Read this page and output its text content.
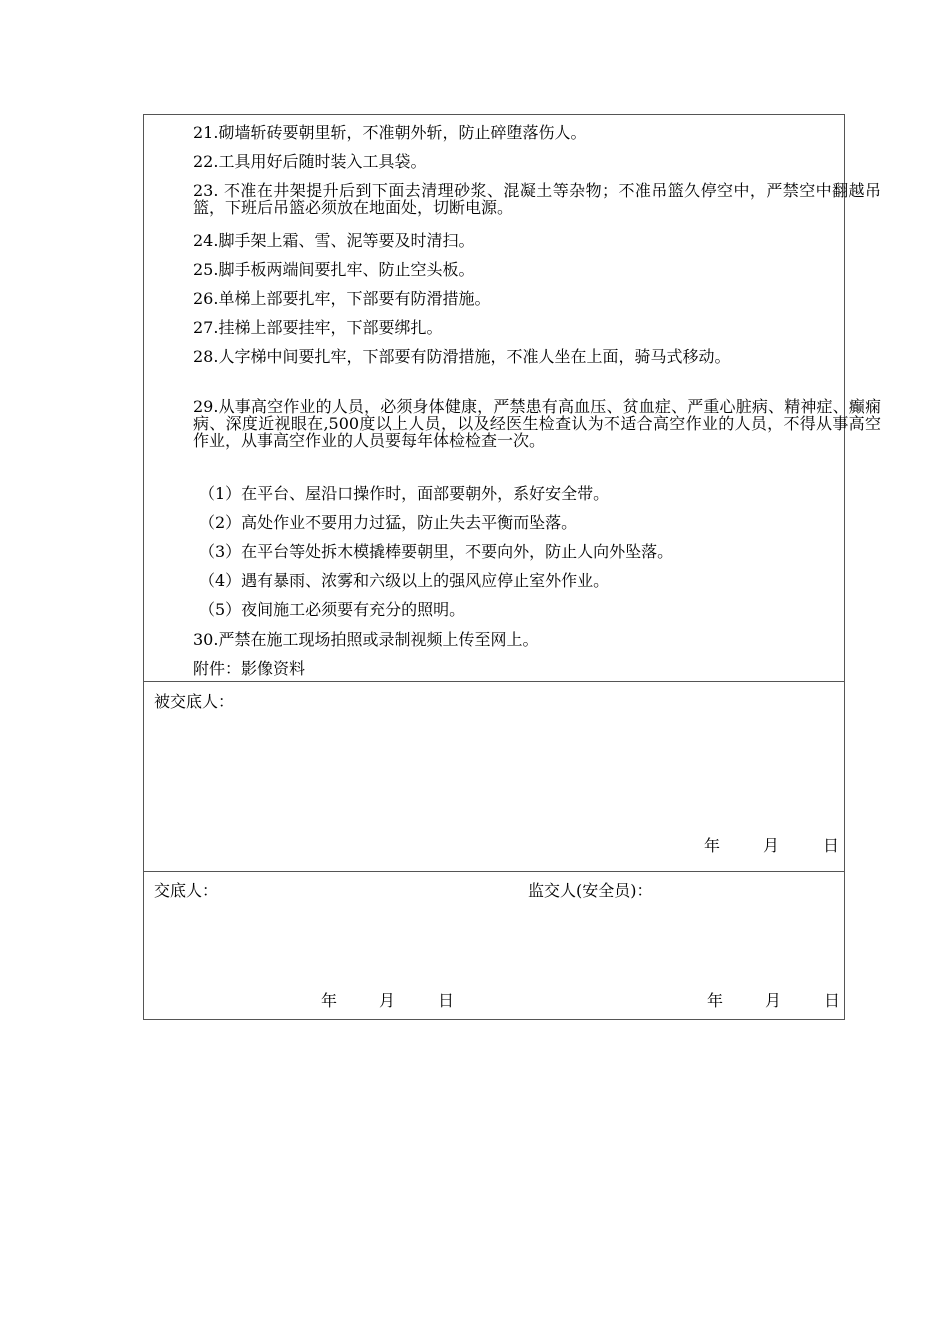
21.砌墙斩砖要朝里斩，不准朝外斩，防止碎堕落伤人。
22.工具用好后随时装入工具袋。
23. 不准在井架提升后到下面去清理砂浆、混凝土等杂物；不准吊篮久停空中，严禁空中翻越吊篮，下班后吊篮必须放在地面处，切断电源。
24.脚手架上霜、雪、泥等要及时清扫。
25.脚手板两端间要扎牢、防止空头板。
26.单梯上部要扎牢，下部要有防滑措施。
27.挂梯上部要挂牢，下部要绑扎。
28.人字梯中间要扎牢，下部要有防滑措施，不准人坐在上面，骑马式移动。
29.从事高空作业的人员，必须身体健康，严禁患有高血压、贫血症、严重心脏病、精神症、癫痫病、深度近视眼在,500度以上人员，以及经医生检查认为不适合高空作业的人员，不得从事高空作业，从事高空作业的人员要每年体检检查一次。
（1）在平台、屋沿口操作时，面部要朝外，系好安全带。
（2）高处作业不要用力过猛，防止失去平衡而坠落。
（3）在平台等处拆木模撬棒要朝里，不要向外，防止人向外坠落。
（4）遇有暴雨、浓雾和六级以上的强风应停止室外作业。
（5）夜间施工必须要有充分的照明。
30.严禁在施工现场拍照或录制视频上传至网上。
附件：影像资料
被交底人：
年	月	日
交底人：	监交人(安全员)：
年	月	日	年	月	日
